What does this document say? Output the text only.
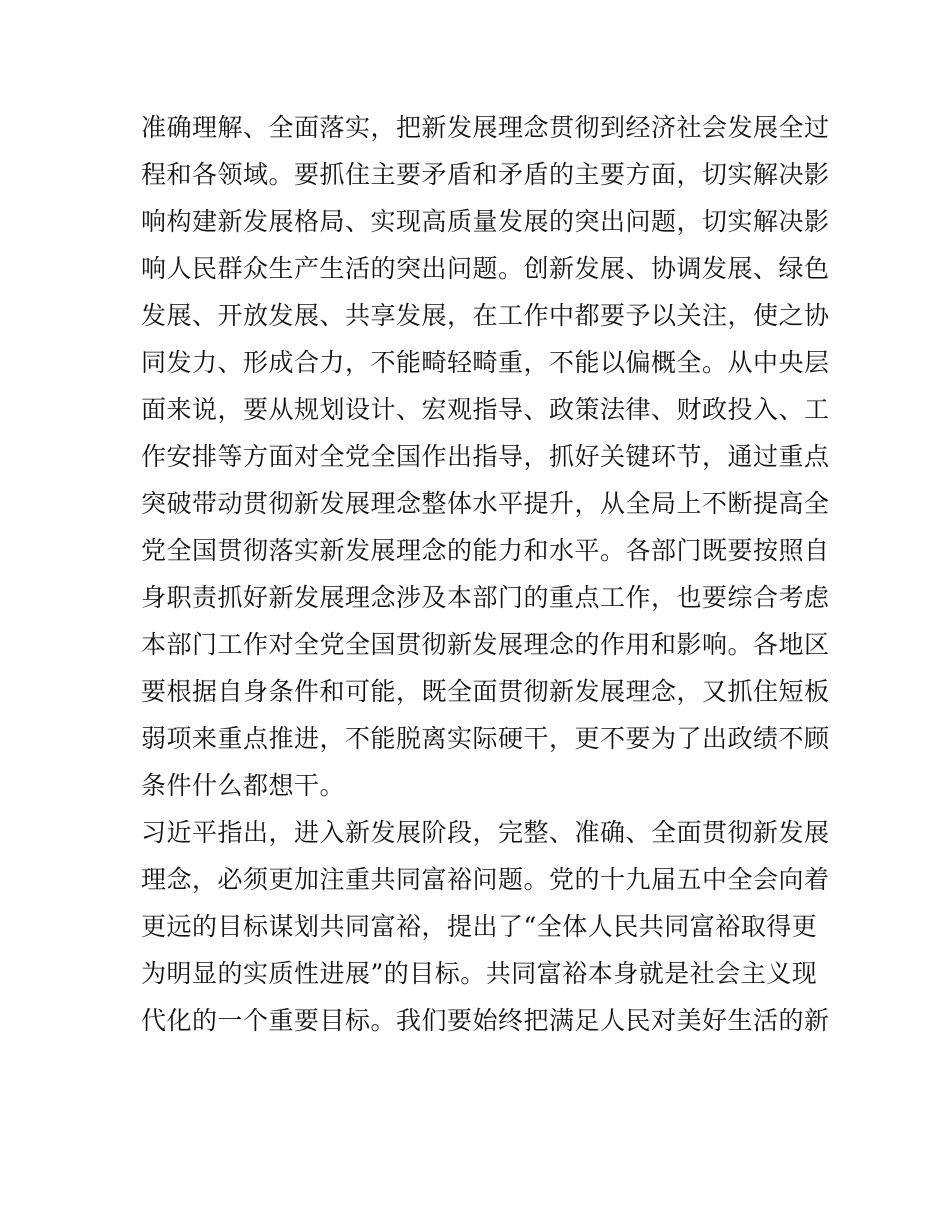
准确理解、全面落实，把新发展理念贯彻到经济社会发展全过
程和各领域。要抓住主要矛盾和矛盾的主要方面，切实解决影
响构建新发展格局、实现高质量发展的突出问题，切实解决影
响人民群众生产生活的突出问题。创新发展、协调发展、绿色
发展、开放发展、共享发展，在工作中都要予以关注，使之协
同发力、形成合力，不能畸轻畸重，不能以偏概全。从中央层
面来说，要从规划设计、宏观指导、政策法律、财政投入、工
作安排等方面对全党全国作出指导，抓好关键环节，通过重点
突破带动贯彻新发展理念整体水平提升，从全局上不断提高全
党全国贯彻落实新发展理念的能力和水平。各部门既要按照自
身职责抓好新发展理念涉及本部门的重点工作，也要综合考虑
本部门工作对全党全国贯彻新发展理念的作用和影响。各地区
要根据自身条件和可能，既全面贯彻新发展理念，又抓住短板
弱项来重点推进，不能脱离实际硬干，更不要为了出政绩不顾
条件什么都想干。
习近平指出，进入新发展阶段，完整、准确、全面贯彻新发展
理念，必须更加注重共同富裕问题。党的十九届五中全会向着
更远的目标谋划共同富裕，提出了“全体人民共同富裕取得更
为明显的实质性进展”的目标。共同富裕本身就是社会主义现
代化的一个重要目标。我们要始终把满足人民对美好生活的新
